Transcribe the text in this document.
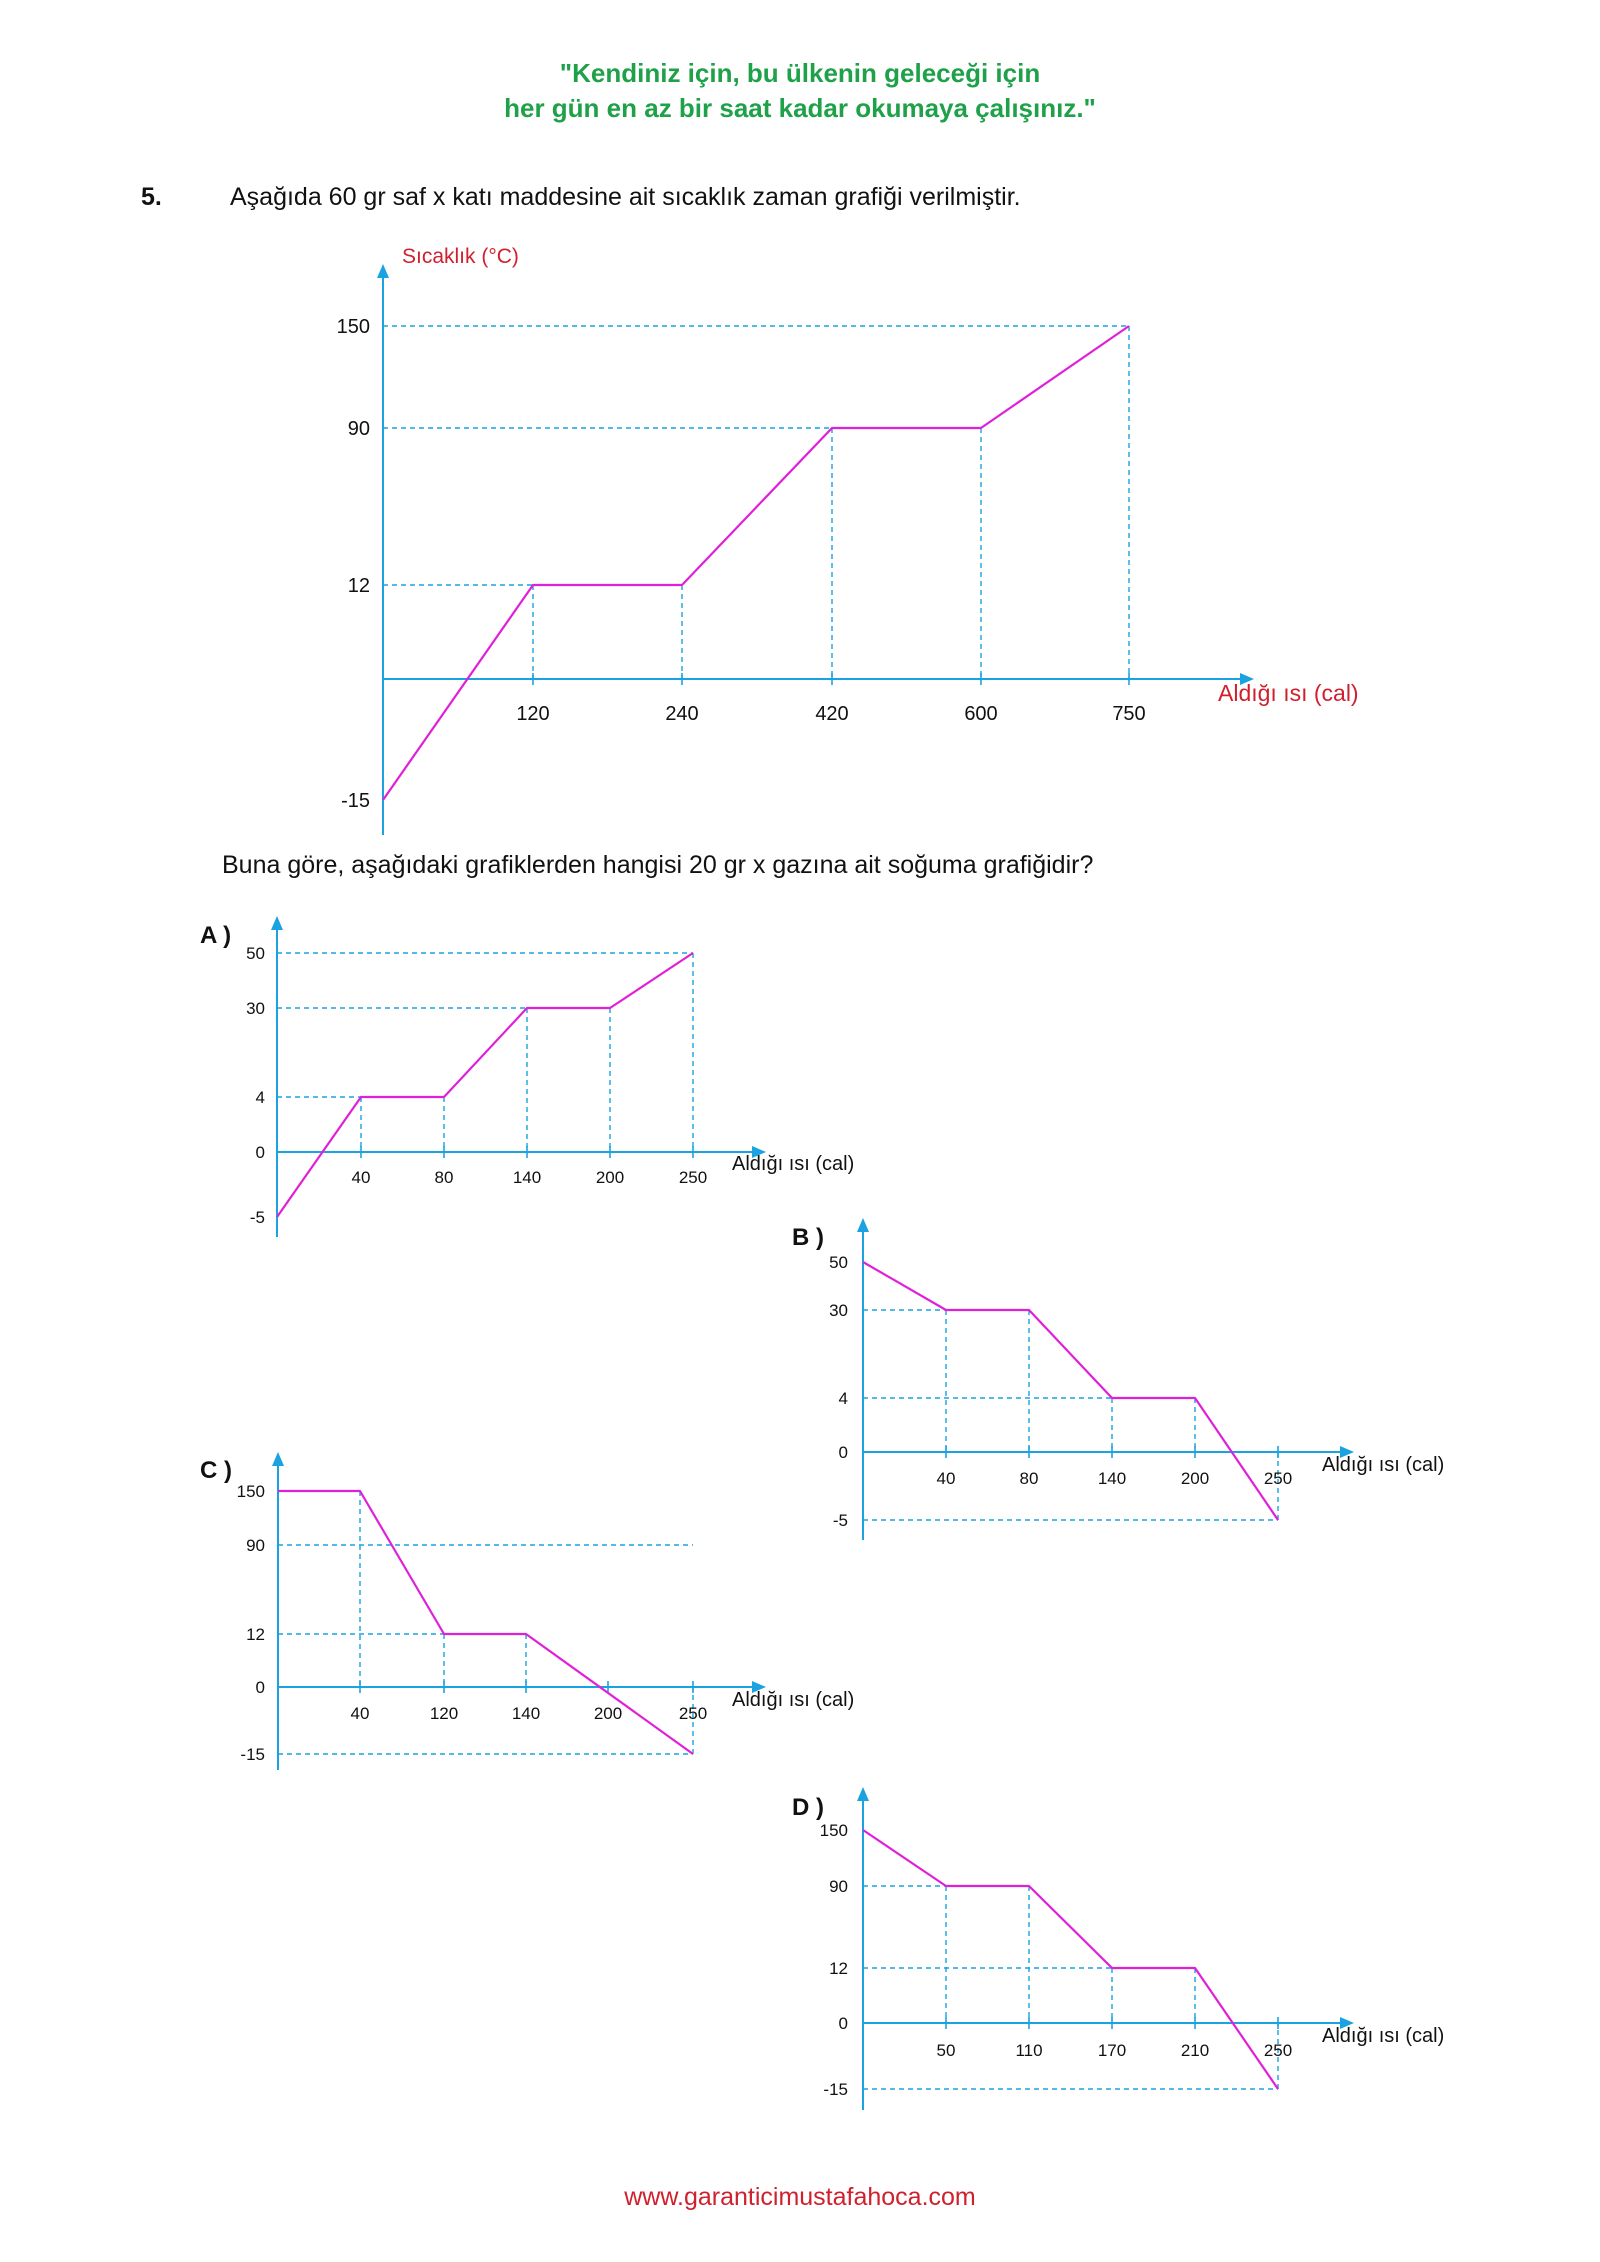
"Kendiniz için, bu ülkenin geleceği için
her gün en az bir saat kadar okumaya çalışınız."
5.	Aşağıda 60 gr saf x katı maddesine ait sıcaklık zaman grafiği verilmiştir.
Buna göre, aşağıdaki grafiklerden hangisi 20 gr x gazına ait soğuma grafiğidir?
120	240	420	600	750
150
90
12
-15
Aldığı ısı (cal)
Sıcaklık (°C)
40	80	140	200	250
50
30
4
0
-5
Aldığı ısı (cal)
A )
40	80	140	200	250
50
30
4
0
-5
Aldığı ısı (cal)
B )
40	120	140	200	250
150
90
12
0
-15
Aldığı ısı (cal)
C )
50	110	170	210	250
150
90
12
0
-15
Aldığı ısı (cal)
D )
www.garanticimustafahoca.com
